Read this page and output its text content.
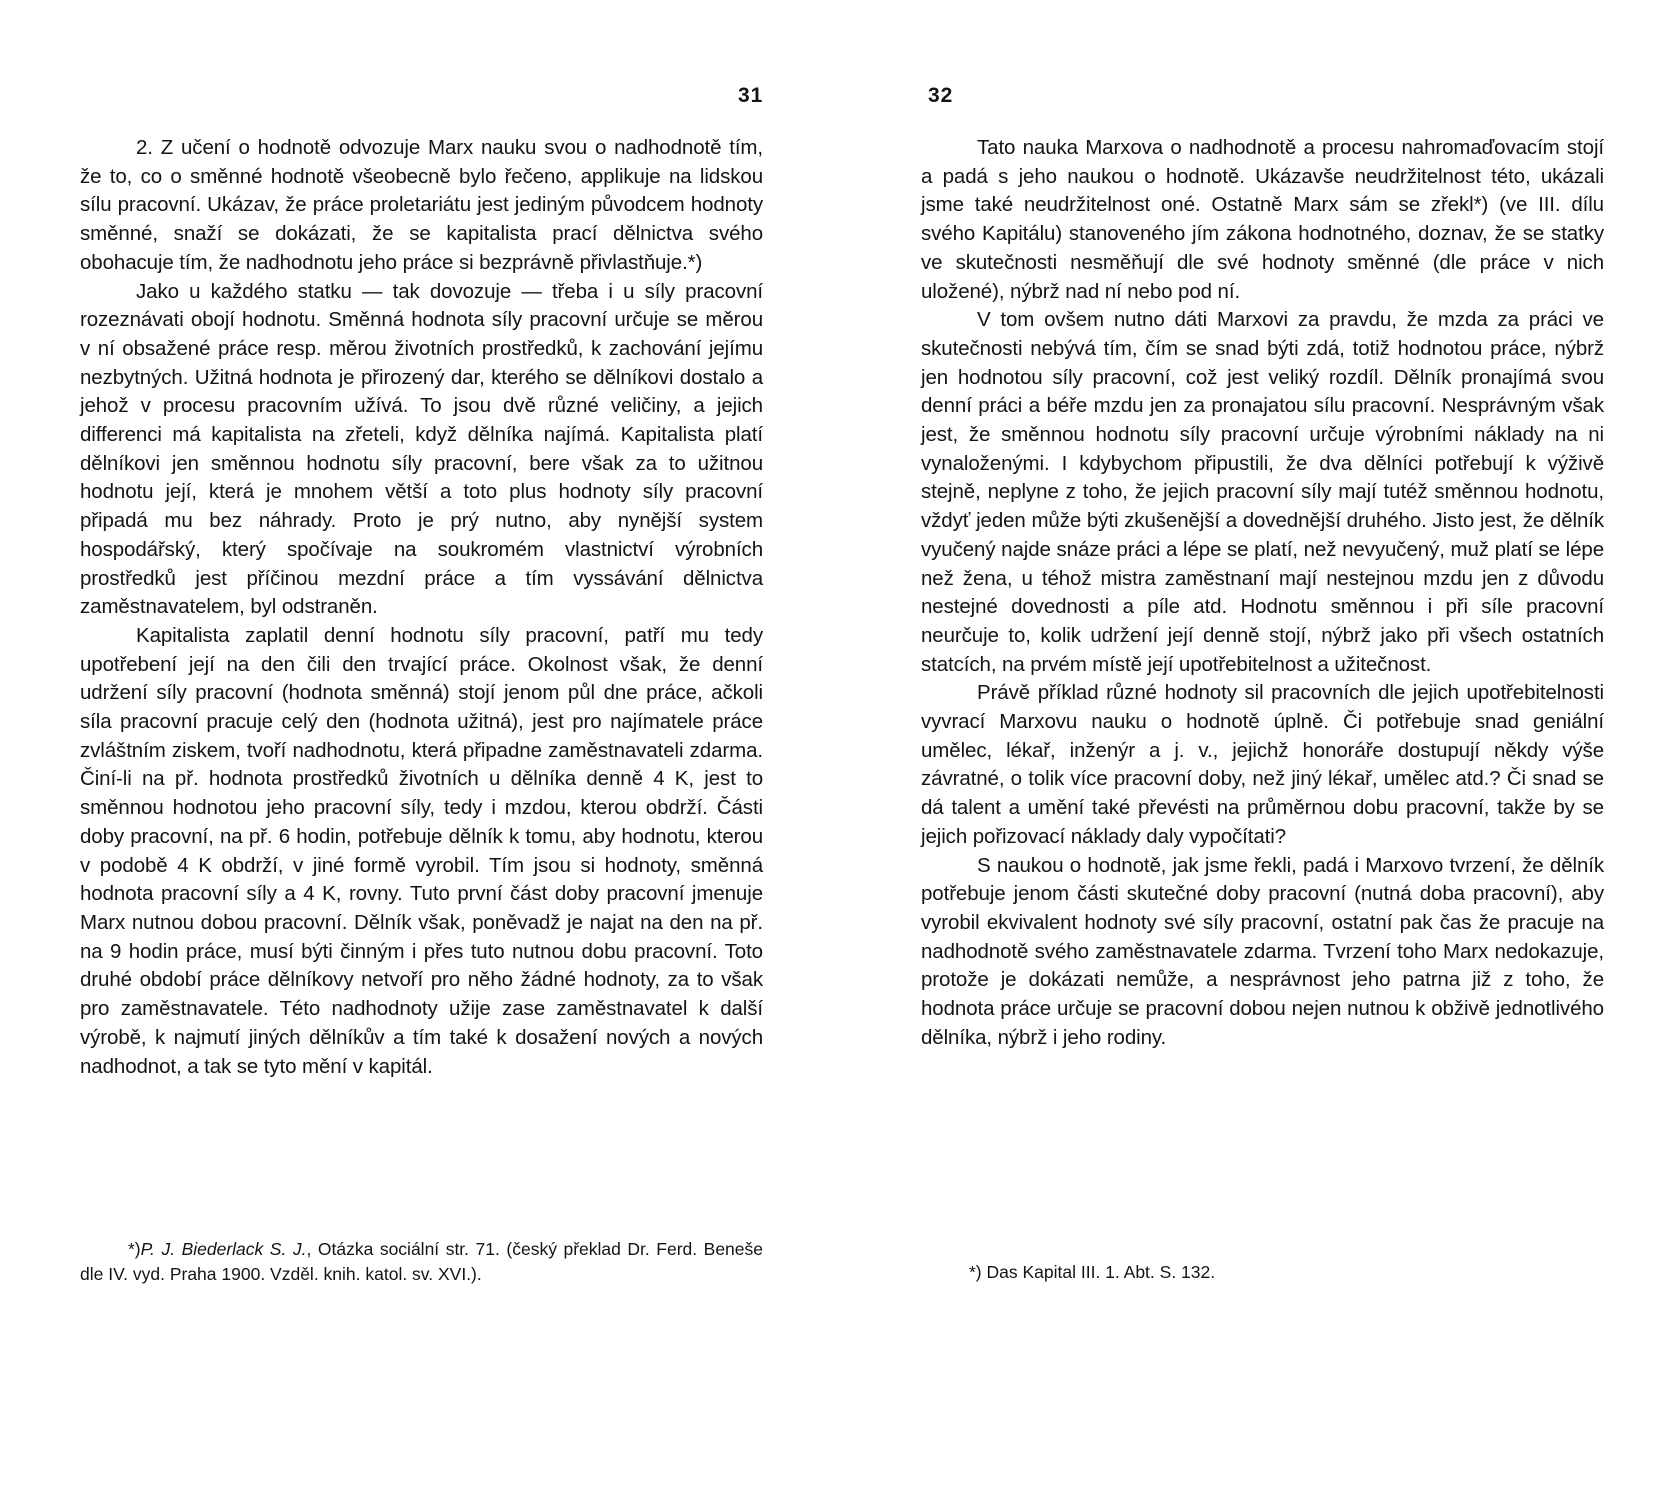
31

2. Z učení o hodnotě odvozuje Marx nauku svou o nadhodnotě tím, že to, co o směnné hodnotě všeobecně bylo řečeno, applikuje na lidskou sílu pracovní. Ukázav, že práce proletariátu jest jediným původcem hodnoty směnné, snaží se dokázati, že se kapitalista prací dělnictva svého obohacuje tím, že nadhodnotu jeho práce si bezprávně přivlastňuje.*)

Jako u každého statku — tak dovozuje — třeba i u síly pracovní rozeznávati obojí hodnotu. Směnná hodnota síly pracovní určuje se měrou v ní obsažené práce resp. měrou životních prostředků, k zachování jejímu nezbytných. Užitná hodnota je přirozený dar, kterého se dělníkovi dostalo a jehož v procesu pracovním užívá. To jsou dvě různé veličiny, a jejich differenci má kapitalista na zřeteli, když dělníka najímá. Kapitalista platí dělníkovi jen směnnou hodnotu síly pracovní, bere však za to užitnou hodnotu její, která je mnohem větší a toto plus hodnoty síly pracovní připadá mu bez náhrady. Proto je prý nutno, aby nynější system hospodářský, který spočívaje na soukromém vlastnictví výrobních prostředků jest příčinou mezdní práce a tím vyssávání dělnictva zaměstnavatelem, byl odstraněn.

Kapitalista zaplatil denní hodnotu síly pracovní, patří mu tedy upotřebení její na den čili den trvající práce. Okolnost však, že denní udržení síly pracovní (hodnota směnná) stojí jenom půl dne práce, ačkoli síla pracovní pracuje celý den (hodnota užitná), jest pro najímatele práce zvláštním ziskem, tvoří nadhodnotu, která připadne zaměstnavateli zdarma. Činí-li na př. hodnota prostředků životních u dělníka denně 4 K, jest to směnnou hodnotou jeho pracovní síly, tedy i mzdou, kterou obdrží. Části doby pracovní, na př. 6 hodin, potřebuje dělník k tomu, aby hodnotu, kterou v podobě 4 K obdrží, v jiné formě vyrobil. Tím jsou si hodnoty, směnná hodnota pracovní síly a 4 K, rovny. Tuto první část doby pracovní jmenuje Marx nutnou dobou pracovní. Dělník však, poněvadž je najat na den na př. na 9 hodin práce, musí býti činným i přes tuto nutnou dobu pracovní. Toto druhé období práce dělníkovy netvoří pro něho žádné hodnoty, za to však pro zaměstnavatele. Této nadhodnoty užije zase zaměstnavatel k další výrobě, k najmutí jiných dělníkův a tím také k dosažení nových a nových nadhodnot, a tak se tyto mění v kapitál.

*)P. J. Biederlack S. J., Otázka sociální str. 71. (český překlad Dr. Ferd. Beneše dle IV. vyd. Praha 1900. Vzděl. knih. katol. sv. XVI.).

32

Tato nauka Marxova o nadhodnotě a procesu nahromaďovacím stojí a padá s jeho naukou o hodnotě. Ukázavše neudržitelnost této, ukázali jsme také neudržitelnost oné. Ostatně Marx sám se zřekl*) (ve III. dílu svého Kapitálu) stanoveného jím zákona hodnotného, doznav, že se statky ve skutečnosti nesměňují dle své hodnoty směnné (dle práce v nich uložené), nýbrž nad ní nebo pod ní.

V tom ovšem nutno dáti Marxovi za pravdu, že mzda za práci ve skutečnosti nebývá tím, čím se snad býti zdá, totiž hodnotou práce, nýbrž jen hodnotou síly pracovní, což jest veliký rozdíl. Dělník pronajímá svou denní práci a béře mzdu jen za pronajatou sílu pracovní. Nesprávným však jest, že směnnou hodnotu síly pracovní určuje výrobními náklady na ni vynaloženými. I kdybychom připustili, že dva dělníci potřebují k výživě stejně, neplyne z toho, že jejich pracovní síly mají tutéž směnnou hodnotu, vždyť jeden může býti zkušenější a dovednější druhého. Jisto jest, že dělník vyučený najde snáze práci a lépe se platí, než nevyučený, muž platí se lépe než žena, u téhož mistra zaměstnaní mají nestejnou mzdu jen z důvodu nestejné dovednosti a píle atd. Hodnotu směnnou i při síle pracovní neurčuje to, kolik udržení její denně stojí, nýbrž jako při všech ostatních statcích, na prvém místě její upotřebitelnost a užitečnost.

Právě příklad různé hodnoty sil pracovních dle jejich upotřebitelnosti vyvrací Marxovu nauku o hodnotě úplně. Či potřebuje snad geniální umělec, lékař, inženýr a j. v., jejichž honoráře dostupují někdy výše závratné, o tolik více pracovní doby, než jiný lékař, umělec atd.? Či snad se dá talent a umění také převésti na průměrnou dobu pracovní, takže by se jejich pořizovací náklady daly vypočítati?

S naukou o hodnotě, jak jsme řekli, padá i Marxovo tvrzení, že dělník potřebuje jenom části skutečné doby pracovní (nutná doba pracovní), aby vyrobil ekvivalent hodnoty své síly pracovní, ostatní pak čas že pracuje na nadhodnotě svého zaměstnavatele zdarma. Tvrzení toho Marx nedokazuje, protože je dokázati nemůže, a nesprávnost jeho patrna již z toho, že hodnota práce určuje se pracovní dobou nejen nutnou k obživě jednotlivého dělníka, nýbrž i jeho rodiny.

*) Das Kapital III. 1. Abt. S. 132.
